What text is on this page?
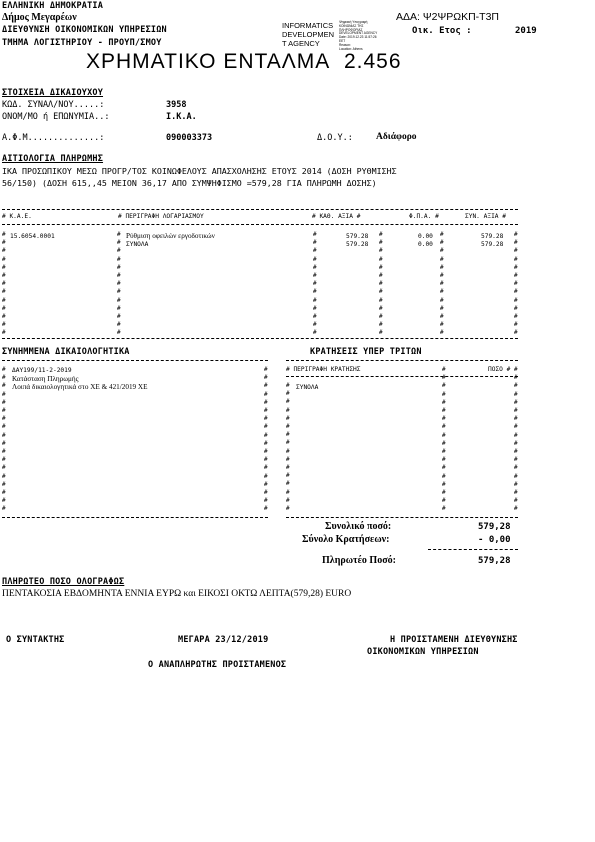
ΕΛΛΗΝΙΚΗ ΔΗΜΟΚΡΑΤΙΑ
Δήμος Μεγαρέων
ΔΙΕΥΘΥΝΣΗ ΟΙΚΟΝΟΜΙΚΩΝ ΥΠΗΡΕΣΙΩΝ
ΤΜΗΜΑ ΛΟΓΙΣΤΗΡΙΟΥ - ΠΡΟΥΠ/ΣΜΟΥ
ΑΔΑ: Ψ2ΨΡΩΚΠ-Τ3Π
Οικ. Ετος :	2019
INFORMATICS
DEVELOPMEN
T AGENCY
Ψηφιακή Υπογραφή
ΚΟΙΝΩΝΙΑΣ ΤΗΣ
ΠΛΗΡΟΦΟΡΙΑΣ
DEVELOPMENT AGENCY
Date: 2019.12.23 11:57:26
EET
Reason:
Location: Athens
ΧΡΗΜΑΤΙΚΟ ΕΝΤΑΛΜΑ 2.456
ΣΤΟΙΧΕΙΑ ΔΙΚΑΙΟΥΧΟΥ
ΚΩΔ. ΣΥΝΑΛ/ΝΟΥ.....:	3958
ΟΝΟΜ/ΜΟ ή ΕΠΩΝΥΜΙΑ..:	Ι.Κ.Α.
Α.Φ.Μ..............:	090003373	Δ.Ο.Υ.: Αδιάφορο
ΑΙΤΙΟΛΟΓΙΑ ΠΛΗΡΩΜΗΣ
ΙΚΑ ΠΡΟΣΩΠΙΚΟΥ ΜΕΣΩ ΠΡΟΓΡ/ΤΟΣ ΚΟΙΝΩΦΕΛΟΥΣ ΑΠΑΣΧΟΛΗΣΗΣ ΕΤΟΥΣ 2014 (ΔΟΣΗ ΡΥΘΜΙΣΗΣ
56/150) (ΔΟΣΗ 615,,45 ΜΕΙΟΝ 36,17 ΑΠΟ ΣΥΜΨΗΦΙΣΜΟ =579,28 ΓΙΑ ΠΛΗΡΩΜΗ ΔΟΣΗΣ)
# Κ.Α.Ε.	# ΠΕΡΙΓΡΑΦΗ ΛΟΓΑΡΙΑΣΜΟΥ	# ΚΑΘ. ΑΞΙΑ #	Φ.Π.Α. #	ΣΥΝ. ΑΞΙΑ #
#
#
#
#
#
#
#
#
#
#
#
#
#
#
#
#
#
#
#
#
#
#
#
#
#
#
#
#
#
#
#
#
#
#
#
#
#
#
#
#
#
#
#
#
#
#
#
#
#
#
#
#
#
#
#
#
#
#
#
#
#
#
#
#
#
#
#
#
#
#
#
#
#
#
#
#
#
#
15.6054.0001	Ρύθμιση οφειλών εργοδοτικών	579.28	0.00	579.28
ΣΥΝΟΛΑ	579.28	0.00	579.28
ΣΥΝΗΜΜΕΝΑ ΔΙΚΑΙΟΛΟΓΗΤΙΚΑ
#
#
#
#
#
#
#
#
#
#
#
#
#
#
#
#
#
#
#
#
#
#
#
#
#
#
#
#
#
#
#
#
#
#
#
#
ΔΑΥ199/11-2-2019
Κατάσταση Πληρωμής
Λοιπά δικαιολογητικά στο ΧΕ & 421/2019 ΧΕ
ΚΡΑΤΗΣΕΙΣ ΥΠΕΡ ΤΡΙΤΩΝ
# ΠΕΡΙΓΡΑΦΗ ΚΡΑΤΗΣΗΣ	ΠΟΣΟ #
#
#
#
#
#
#
#
#
#
#
#
#
#
#
#
#
#
#
#
#
#
#
#
#
#
#
#
#
#
#
#
#
#
#
#
#
#
#
#
#
#
#
#
#
#
#
#
#
#
#
#
#
ΣΥΝΟΛΑ
Συνολικό ποσό:	579,28
Σύνολο Κρατήσεων:	- 0,00
Πληρωτέο Ποσό:	579,28
ΠΛΗΡΩΤΕΟ ΠΟΣΟ ΟΛΟΓΡΑΦΩΣ
ΠΕΝΤΑΚΟΣΙΑ ΕΒΔΟΜΗΝΤΑ ΕΝΝΙΑ ΕΥΡΩ και ΕΙΚΟΣΙ ΟΚΤΩ ΛΕΠΤΑ(579,28) EURO
Ο ΣΥΝΤΑΚΤΗΣ	ΜΕΓΑΡΑ 23/12/2019	Η ΠΡΟΙΣΤΑΜΕΝΗ ΔΙΕΥΘΥΝΣΗΣ
ΟΙΚΟΝΟΜΙΚΩΝ ΥΠΗΡΕΣΙΩΝ
Ο ΑΝΑΠΛΗΡΩΤΗΣ ΠΡΟΙΣΤΑΜΕΝΟΣ
